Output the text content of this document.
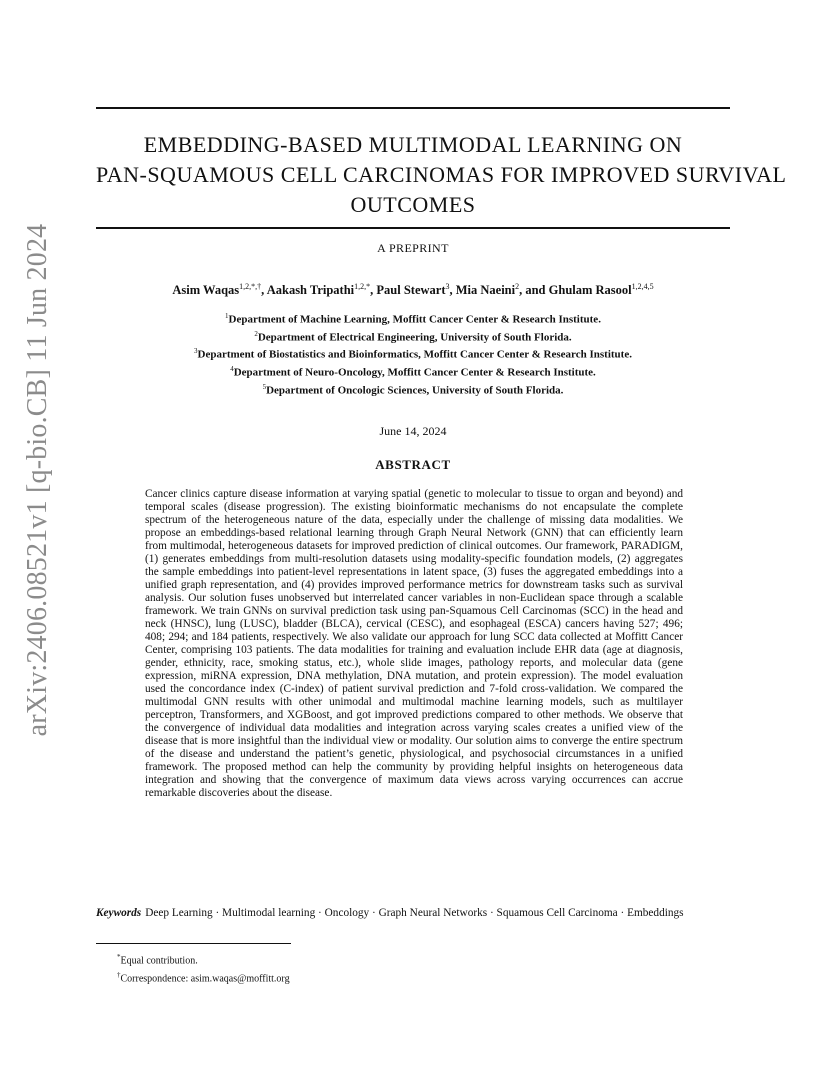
arXiv:2406.08521v1 [q-bio.CB] 11 Jun 2024
EMBEDDING-BASED MULTIMODAL LEARNING ON
PAN-SQUAMOUS CELL CARCINOMAS FOR IMPROVED SURVIVAL
OUTCOMES
A PREPRINT
Asim Waqas$^{1,2,*,\dagger}$, Aakash Tripathi$^{1,2,*}$, Paul Stewart$^3$, Mia Naeini$^2$, and Ghulam Rasool$^{1,2,4,5}$
$^1$Department of Machine Learning, Moffitt Cancer Center & Research Institute.
$^2$Department of Electrical Engineering, University of South Florida.
$^3$Department of Biostatistics and Bioinformatics, Moffitt Cancer Center & Research Institute.
$^4$Department of Neuro-Oncology, Moffitt Cancer Center & Research Institute.
$^5$Department of Oncologic Sciences, University of South Florida.
June 14, 2024
ABSTRACT
Cancer clinics capture disease information at varying spatial (genetic to molecular to tissue to organ and beyond) and temporal scales (disease progression). The existing bioinformatic mechanisms do not encapsulate the complete spectrum of the heterogeneous nature of the data, especially under the challenge of missing data modalities. We propose an embeddings-based relational learning through Graph Neural Network (GNN) that can efficiently learn from multimodal, heterogeneous datasets for improved prediction of clinical outcomes. Our framework, PARADIGM, (1) generates embeddings from multi-resolution datasets using modality-specific foundation models, (2) aggregates the sample embeddings into patient-level representations in latent space, (3) fuses the aggregated embeddings into a unified graph representation, and (4) provides improved performance metrics for downstream tasks such as survival analysis. Our solution fuses unobserved but interrelated cancer variables in non-Euclidean space through a scalable framework. We train GNNs on survival prediction task using pan-Squamous Cell Carcinomas (SCC) in the head and neck (HNSC), lung (LUSC), bladder (BLCA), cervical (CESC), and esophageal (ESCA) cancers having 527; 496; 408; 294; and 184 patients, respectively. We also validate our approach for lung SCC data collected at Moffitt Cancer Center, comprising 103 patients. The data modalities for training and evaluation include EHR data (age at diagnosis, gender, ethnicity, race, smoking status, etc.), whole slide images, pathology reports, and molecular data (gene expression, miRNA expression, DNA methylation, DNA mutation, and protein expression). The model evaluation used the concordance index (C-index) of patient survival prediction and 7-fold cross-validation. We compared the multimodal GNN results with other unimodal and multimodal machine learning models, such as multilayer perceptron, Transformers, and XGBoost, and got improved predictions compared to other methods. We observe that the convergence of individual data modalities and integration across varying scales creates a unified view of the disease that is more insightful than the individual view or modality. Our solution aims to converge the entire spectrum of the disease and understand the patient’s genetic, physiological, and psychosocial circumstances in a unified framework. The proposed method can help the community by providing helpful insights on heterogeneous data integration and showing that the convergence of maximum data views across varying occurrences can accrue remarkable discoveries about the disease.
Keywords Deep Learning · Multimodal learning · Oncology · Graph Neural Networks · Squamous Cell Carcinoma · Embeddings
*Equal contribution.
†Correspondence: asim.waqas@moffitt.org
